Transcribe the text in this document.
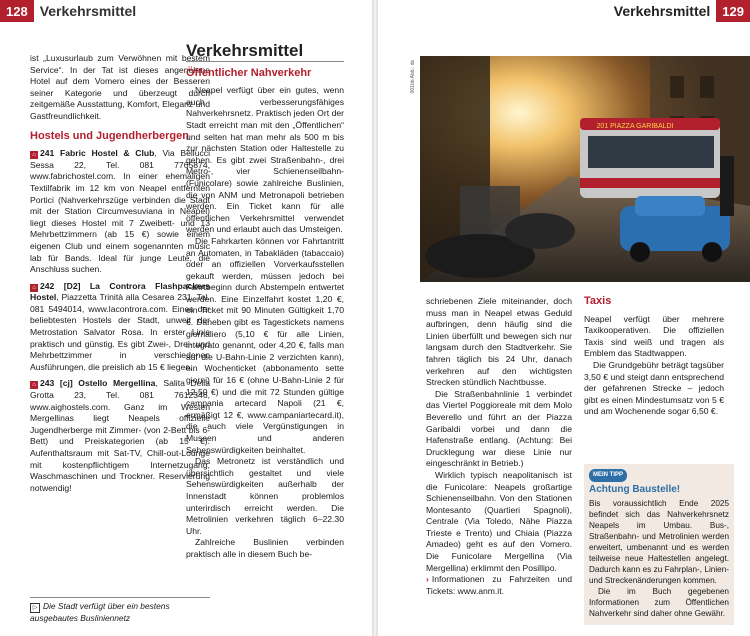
128 Verkehrsmittel

ist „Luxusurlaub zum Verwöhnen mit bestem Service“. In der Tat ist dieses angenehme Hotel auf dem Vomero eines der Besseren seiner Kategorie und überzeugt durch zeitgemäße Ausstattung, Komfort, Eleganz und Gastfreundlichkeit.

Hostels und Jugendherbergen
⌂ 241 Fabric Hostel & Club, Via Bellucci Sessa 22, Tel. 081 7765874, www.fabrichostel.com. In einer ehemaligen Textilfabrik im 12 km von Neapel entfernten Portici (Nahverkehrszüge verbinden die Stadt mit der Station Circumvesuviana in Neapel) liegt dieses Hostel mit 7 Zweibett- und 13 Mehrbettzimmern (ab 15 €) sowie einem eigenen Club und einem sogenannten music lab für Bands. Ideal für junge Leute, die Anschluss suchen.
⌂ 242 [D2] La Controra Flashpackers Hostel, Piazzetta Trinità alla Cesarea 231, Tel. 081 5494014, www.lacontrora.com. Eines der beliebtesten Hostels der Stadt, unweit der Metrostation Salvator Rosa. In erster Linie praktisch und günstig. Es gibt Zwei-, Drei- und Mehrbettzimmer in verschiedenen Ausführungen, die preislich ab 15 € liegen.
⌂ 243 [cj] Ostello Mergellina, Salita Della Grotta 23, Tel. 081 7612346, www.aighostels.com. Ganz im Westen Mergellinas liegt Neapels offizielle Jugendherberge mit Zimmer- (von 2-Bett bis 6-Bett) und Preiskategorien (ab 15 €). Aufenthaltsraum mit Sat-TV, Chill-out-Lounge mit kostenpflichtigem Internetzugang, Waschmaschinen und Trockner. Reservierung notwendig!
Verkehrsmittel
Öffentlicher Nahverkehr

Neapel verfügt über ein gutes, wenn auch verbesserungsfähiges Nahverkehrsnetz. Praktisch jeden Ort der Stadt erreicht man mit den „Öffentlichen“ und selten hat man mehr als 500 m bis zur nächsten Station oder Haltestelle zu gehen. Es gibt zwei Straßenbahn-, drei Metro-, vier Schienenseilbahn- (Funicolare) sowie zahlreiche Buslinien, die von ANM und Metronapoli betrieben werden. Ein Ticket kann für alle öffentlichen Verkehrsmittel verwendet werden und erlaubt auch das Umsteigen.

Die Fahrkarten können vor Fahrtantritt an Automaten, in Tabakläden (tabaccaio) oder an offiziellen Vorverkaufsstellen gekauft werden, müssen jedoch bei Fahrtbeginn durch Abstempeln entwertet werden. Eine Einzelfahrt kostet 1,20 €, ein Ticket mit 90 Minuten Gültigkeit 1,70 €. Daneben gibt es Tagestickets namens giornaliero (5,10 € für alle Linien, integrato genannt, oder 4,20 €, falls man auf die U-Bahn-Linie 2 verzichten kann), ein Wochenticket (abbonamento sette giorni) für 16 € (ohne U-Bahn-Linie 2 für 12,50 €) und die mit 72 Stunden gültige campania artecard Napoli (21 €, ermäßigt 12 €, www.campaniartecard.it), die auch viele Vergünstigungen in Museen und anderen Sehenswürdigkeiten beinhaltet.

Das Metronetz ist verständlich und übersichtlich gestaltet und viele Sehenswürdigkeiten außerhalb der Innenstadt können problemlos unterirdisch erreicht werden. Die Metrolinien verkehren täglich 6–22.30 Uhr.

Zahlreiche Buslinien verbinden praktisch alle in diesem Buch be-

▷ Die Stadt verfügt über ein bestens ausgebautes Busliniennetz
Verkehrsmittel 129
001bb Abb.: ds
201 PIAZZA GARIBALDI

schriebenen Ziele miteinander, doch muss man in Neapel etwas Geduld aufbringen, denn häufig sind die Linien überfüllt und bewegen sich nur langsam durch den Stadtverkehr. Sie fahren täglich bis 24 Uhr, danach verkehren auf den wichtigsten Strecken stündlich Nachtbusse.

Die Straßenbahnlinie 1 verbindet das Viertel Poggioreale mit dem Molo Beverello und führt an der Piazza Garibaldi vorbei und dann die Hafenstraße entlang. (Achtung: Bei Drucklegung war diese Linie nur eingeschränkt in Betrieb.)

Wirklich typisch neapolitanisch ist die Funicolare: Neapels großartige Schienenseilbahn. Von den Stationen Montesanto (Quartieri Spagnoli), Centrale (Via Toledo, Nähe Piazza Trieste e Trento) und Chiaia (Piazza Amadeo) geht es auf den Vomero. Die Funicolare Mergellina (Via Mergellina) erklimmt den Posillipo.

› Informationen zu Fahrzeiten und Tickets: www.anm.it.

Taxis

Neapel verfügt über mehrere Taxikooperativen. Die offiziellen Taxis sind weiß und tragen als Emblem das Stadtwappen.

Die Grundgebühr beträgt tagsüber 3,50 € und steigt dann entsprechend der gefahrenen Strecke – jedoch gibt es einen Mindestumsatz von 5 € und am Wochenende sogar 6,50 €.

MEIN TIPP
Achtung Baustelle!

Bis voraussichtlich Ende 2025 befindet sich das Nahverkehrsnetz Neapels im Umbau. Bus-, Straßenbahn- und Metrolinien werden erweitert, umbenannt und es werden teilweise neue Haltestellen angelegt. Dadurch kann es zu Fahrplan-, Linien- und Streckenänderungen kommen.

Die im Buch gegebenen Informationen zum Öffentlichen Nahverkehr sind daher ohne Gewähr.
